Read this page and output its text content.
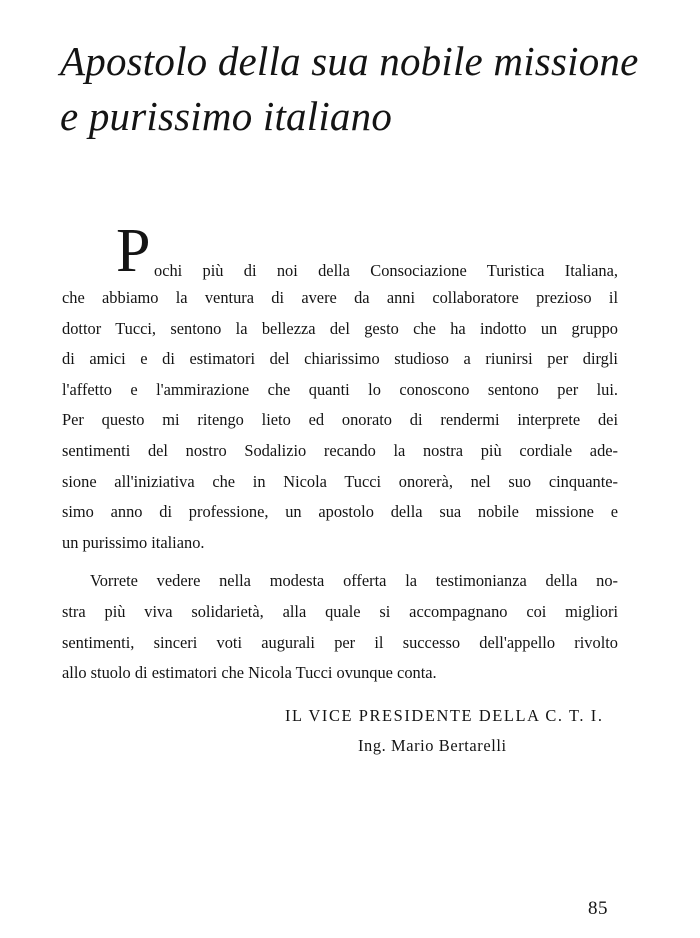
Apostolo della sua nobile missione
e purissimo italiano
P ochi più di noi della Consociazione Turistica Italiana,
che abbiamo la ventura di avere da anni collaboratore prezioso il
dottor Tucci, sentono la bellezza del gesto che ha indotto un gruppo
di amici e di estimatori del chiarissimo studioso a riunirsi per dirgli
l'affetto e l'ammirazione che quanti lo conoscono sentono per lui.
Per questo mi ritengo lieto ed onorato di rendermi interprete dei
sentimenti del nostro Sodalizio recando la nostra più cordiale ade-
sione all'iniziativa che in Nicola Tucci onorerà, nel suo cinquante-
simo anno di professione, un apostolo della sua nobile missione e
un purissimo italiano.
Vorrete vedere nella modesta offerta la testimonianza della no-
stra più viva solidarietà, alla quale si accompagnano coi migliori
sentimenti, sinceri voti augurali per il successo dell'appello rivolto
allo stuolo di estimatori che Nicola Tucci ovunque conta.
IL VICE PRESIDENTE DELLA C. T. I.
Ing. Mario Bertarelli
85
